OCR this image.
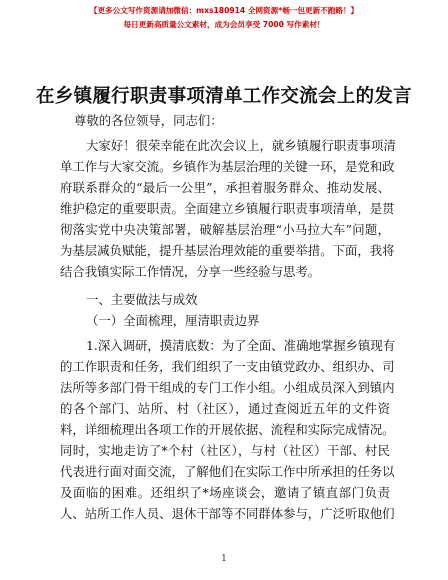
【更多公文写作资源请加微信：mxs180914 全网资源*畅一包更新不跑路！】
每日更新高质量公文素材，成为会员享受 7000 写作素材！
在乡镇履行职责事项清单工作交流会上的发言
尊敬的各位领导，同志们：
大家好！很荣幸能在此次会议上，就乡镇履行职责事项清
单工作与大家交流。乡镇作为基层治理的关键一环，是党和政
府联系群众的“最后一公里”，承担着服务群众、推动发展、
维护稳定的重要职责。全面建立乡镇履行职责事项清单，是贯
彻落实党中央决策部署，破解基层治理“小马拉大车”问题，
为基层减负赋能，提升基层治理效能的重要举措。下面，我将
结合我镇实际工作情况，分享一些经验与思考。
一、主要做法与成效
（一）全面梳理，厘清职责边界
1.深入调研，摸清底数：为了全面、准确地掌握乡镇现有
的工作职责和任务，我们组织了一支由镇党政办、组织办、司
法所等多部门骨干组成的专门工作小组。小组成员深入到镇内
的各个部门、站所、村（社区），通过查阅近五年的文件资
料，详细梳理出各项工作的开展依据、流程和实际完成情况。
同时，实地走访了*个村（社区），与村（社区）干部、村民
代表进行面对面交流，了解他们在实际工作中所承担的任务以
及面临的困难。还组织了*场座谈会，邀请了镇直部门负责
人、站所工作人员、退休干部等不同群体参与，广泛听取他们
1
